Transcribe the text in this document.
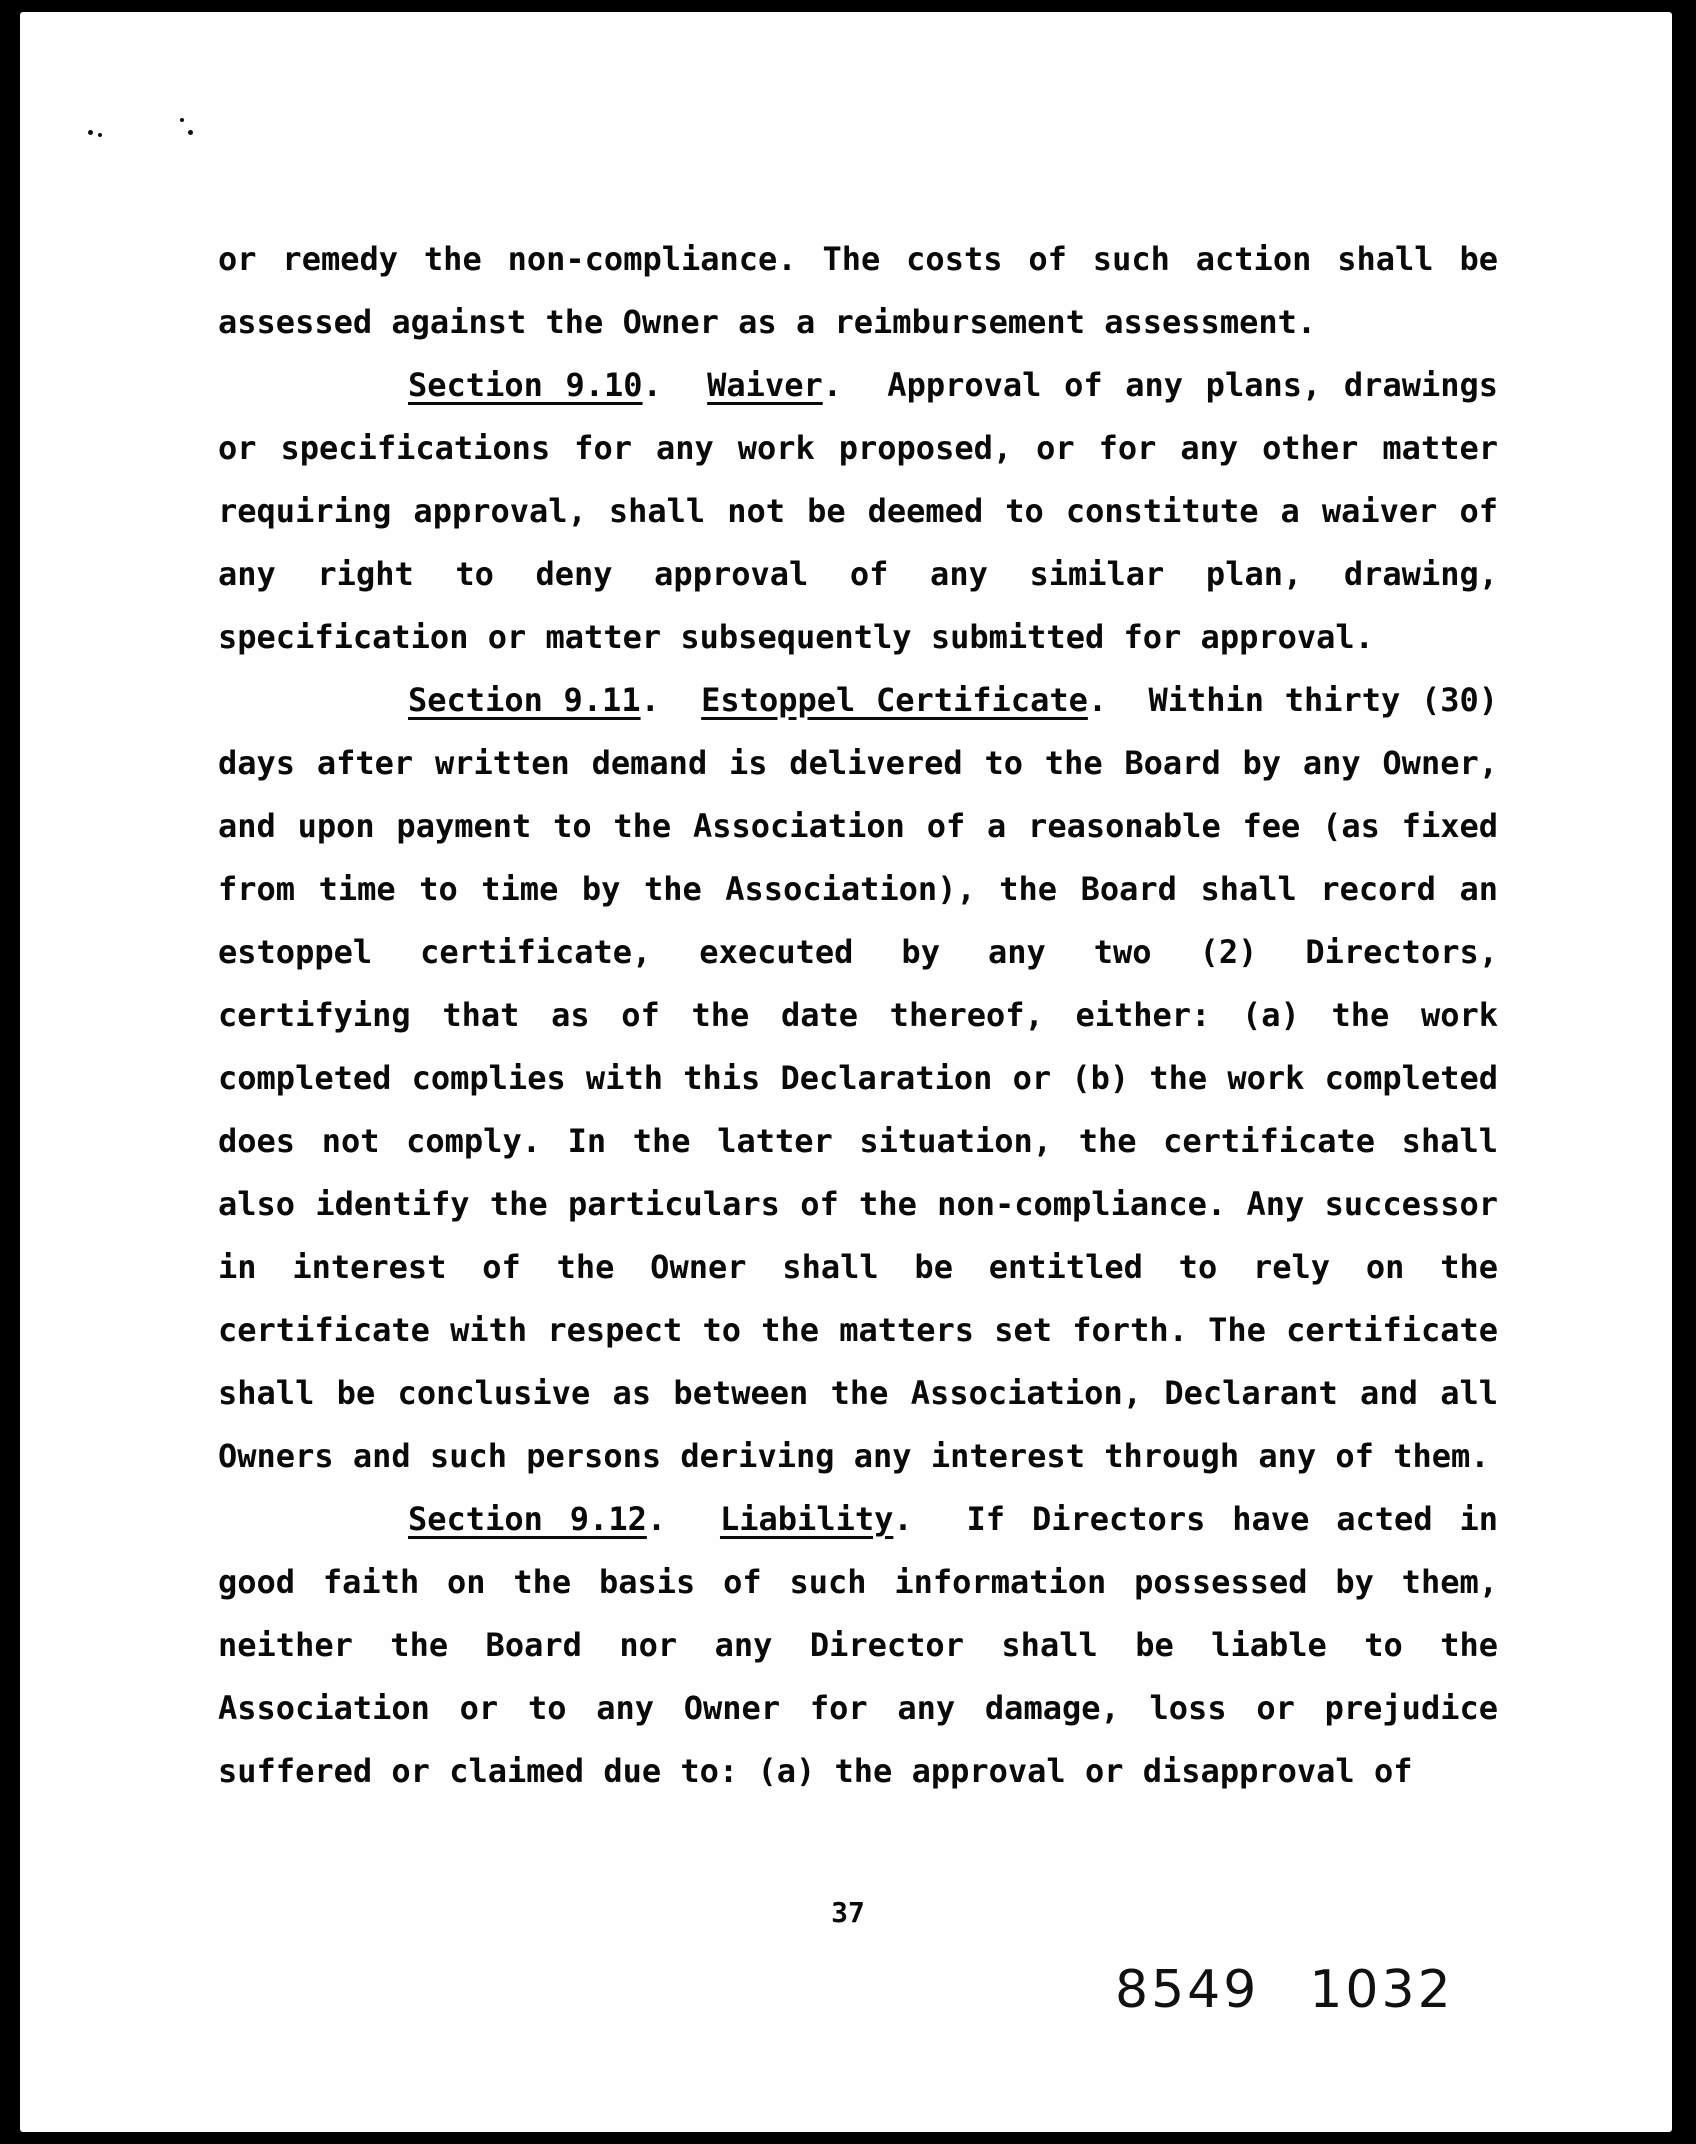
or remedy the non-compliance. The costs of such action shall be assessed against the Owner as a reimbursement assessment.

Section 9.10.  Waiver.  Approval of any plans, drawings or specifications for any work proposed, or for any other matter requiring approval, shall not be deemed to constitute a waiver of any right to deny approval of any similar plan, drawing, specification or matter subsequently submitted for approval.

Section 9.11.  Estoppel Certificate.  Within thirty (30) days after written demand is delivered to the Board by any Owner, and upon payment to the Association of a reasonable fee (as fixed from time to time by the Association), the Board shall record an estoppel certificate, executed by any two (2) Directors, certifying that as of the date thereof, either: (a) the work completed complies with this Declaration or (b) the work completed does not comply. In the latter situation, the certificate shall also identify the particulars of the non-compliance. Any successor in interest of the Owner shall be entitled to rely on the certificate with respect to the matters set forth. The certificate shall be conclusive as between the Association, Declarant and all Owners and such persons deriving any interest through any of them.

Section 9.12.  Liability.  If Directors have acted in good faith on the basis of such information possessed by them, neither the Board nor any Director shall be liable to the Association or to any Owner for any damage, loss or prejudice suffered or claimed due to: (a) the approval or disapproval of

37
8549 1032
